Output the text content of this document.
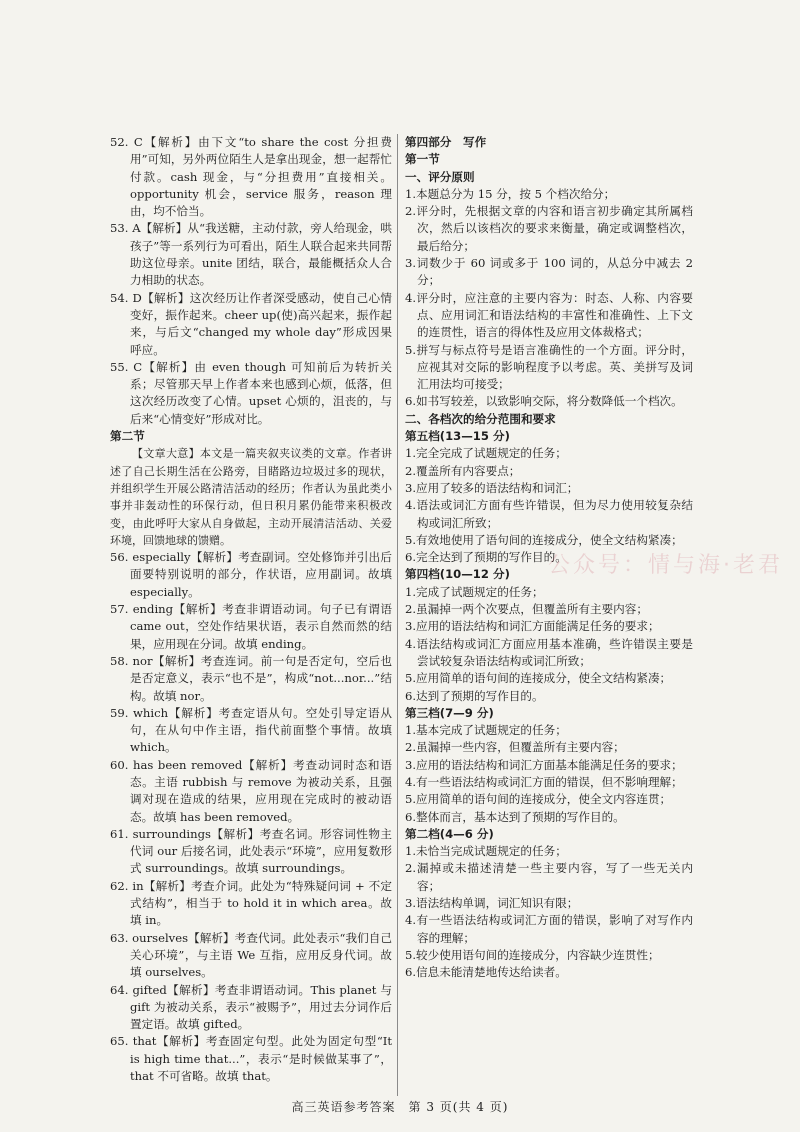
52. C【解析】由下文“to share the cost 分担费用”可知，另外两位陌生人是拿出现金，想一起帮忙付款。cash 现金，与“分担费用”直接相关。opportunity 机会，service 服务，reason 理由，均不恰当。

53. A【解析】从“我送糖，主动付款，旁人给现金，哄孩子”等一系列行为可看出，陌生人联合起来共同帮助这位母亲。unite 团结，联合，最能概括众人合力相助的状态。

54. D【解析】这次经历让作者深受感动，使自己心情变好，振作起来。cheer up(使)高兴起来，振作起来，与后文“changed my whole day”形成因果呼应。

55. C【解析】由 even though 可知前后为转折关系；尽管那天早上作者本来也感到心烦，低落，但这次经历改变了心情。upset 心烦的，沮丧的，与后来“心情变好”形成对比。

第二节

【文章大意】本文是一篇夹叙夹议类的文章。作者讲述了自己长期生活在公路旁，目睹路边垃圾过多的现状，并组织学生开展公路清洁活动的经历；作者认为虽此类小事并非轰动性的环保行动，但日积月累仍能带来积极改变，由此呼吁大家从自身做起，主动开展清洁活动、关爱环境，回馈地球的馈赠。

56. especially【解析】考查副词。空处修饰并引出后面要特别说明的部分，作状语，应用副词。故填 especially。

57. ending【解析】考查非谓语动词。句子已有谓语 came out，空处作结果状语，表示自然而然的结果，应用现在分词。故填 ending。

58. nor【解析】考查连词。前一句是否定句，空后也是否定意义，表示“也不是”，构成“not...nor...”结构。故填 nor。

59. which【解析】考查定语从句。空处引导定语从句，在从句中作主语，指代前面整个事情。故填 which。

60. has been removed【解析】考查动词时态和语态。主语 rubbish 与 remove 为被动关系，且强调对现在造成的结果，应用现在完成时的被动语态。故填 has been removed。

61. surroundings【解析】考查名词。形容词性物主代词 our 后接名词，此处表示“环境”，应用复数形式 surroundings。故填 surroundings。

62. in【解析】考查介词。此处为“特殊疑问词 + 不定式结构”，相当于 to hold it in which area。故填 in。

63. ourselves【解析】考查代词。此处表示“我们自己关心环境”，与主语 We 互指，应用反身代词。故填 ourselves。

64. gifted【解析】考查非谓语动词。This planet 与 gift 为被动关系，表示“被赐予”，用过去分词作后置定语。故填 gifted。

65. that【解析】考查固定句型。此处为固定句型“It is high time that...”，表示“是时候做某事了”，that 不可省略。故填 that。

第四部分　写作

第一节

一、评分原则

1.本题总分为 15 分，按 5 个档次给分；

2.评分时，先根据文章的内容和语言初步确定其所属档次，然后以该档次的要求来衡量，确定或调整档次，最后给分；

3.词数少于 60 词或多于 100 词的，从总分中减去 2 分；

4.评分时，应注意的主要内容为：时态、人称、内容要点、应用词汇和语法结构的丰富性和准确性、上下文的连贯性，语言的得体性及应用文体裁格式；

5.拼写与标点符号是语言准确性的一个方面。评分时，应视其对交际的影响程度予以考虑。英、美拼写及词汇用法均可接受；

6.如书写较差，以致影响交际，将分数降低一个档次。

二、各档次的给分范围和要求

第五档(13—15 分)

1.完全完成了试题规定的任务；

2.覆盖所有内容要点；

3.应用了较多的语法结构和词汇；

4.语法或词汇方面有些许错误，但为尽力使用较复杂结构或词汇所致；

5.有效地使用了语句间的连接成分，使全文结构紧凑；

6.完全达到了预期的写作目的。

第四档(10—12 分)

1.完成了试题规定的任务；

2.虽漏掉一两个次要点，但覆盖所有主要内容；

3.应用的语法结构和词汇方面能满足任务的要求；

4.语法结构或词汇方面应用基本准确，些许错误主要是尝试较复杂语法结构或词汇所致；

5.应用简单的语句间的连接成分，使全文结构紧凑；

6.达到了预期的写作目的。

第三档(7—9 分)

1.基本完成了试题规定的任务；

2.虽漏掉一些内容，但覆盖所有主要内容；

3.应用的语法结构和词汇方面基本能满足任务的要求；

4.有一些语法结构或词汇方面的错误，但不影响理解；

5.应用简单的语句间的连接成分，使全文内容连贯；

6.整体而言，基本达到了预期的写作目的。

第二档(4—6 分)

1.未恰当完成试题规定的任务；

2.漏掉或未描述清楚一些主要内容，写了一些无关内容；

3.语法结构单调，词汇知识有限；

4.有一些语法结构或词汇方面的错误，影响了对写作内容的理解；

5.较少使用语句间的连接成分，内容缺少连贯性；

6.信息未能清楚地传达给读者。

公众号：情与海·老君
高三英语参考答案　第 3 页(共 4 页)
